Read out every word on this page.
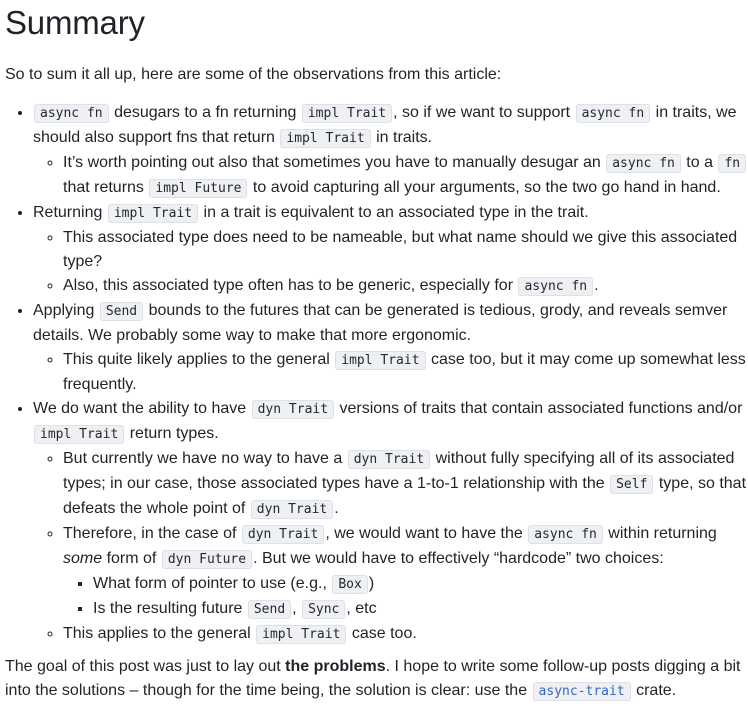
Summary

So to sum it all up, here are some of the observations from this article:

• async fn desugars to a fn returning impl Trait , so if we want to support async fn in traits, we should also support fns that return impl Trait in traits.
◦ It’s worth pointing out also that sometimes you have to manually desugar an async fn to a fn that returns impl Future to avoid capturing all your arguments, so the two go hand in hand.
• Returning impl Trait in a trait is equivalent to an associated type in the trait.
◦ This associated type does need to be nameable, but what name should we give this associated type?
◦ Also, this associated type often has to be generic, especially for async fn .
• Applying Send bounds to the futures that can be generated is tedious, grody, and reveals semver details. We probably some way to make that more ergonomic.
◦ This quite likely applies to the general impl Trait case too, but it may come up somewhat less frequently.
• We do want the ability to have dyn Trait versions of traits that contain associated functions and/or impl Trait return types.
◦ But currently we have no way to have a dyn Trait without fully specifying all of its associated types; in our case, those associated types have a 1-to-1 relationship with the Self type, so that defeats the whole point of dyn Trait .
◦ Therefore, in the case of dyn Trait , we would want to have the async fn within returning some form of dyn Future . But we would have to effectively “hardcode” two choices:
▪ What form of pointer to use (e.g., Box )
▪ Is the resulting future Send , Sync , etc
◦ This applies to the general impl Trait case too.

The goal of this post was just to lay out the problems. I hope to write some follow-up posts digging a bit into the solutions – though for the time being, the solution is clear: use the async-trait crate.
